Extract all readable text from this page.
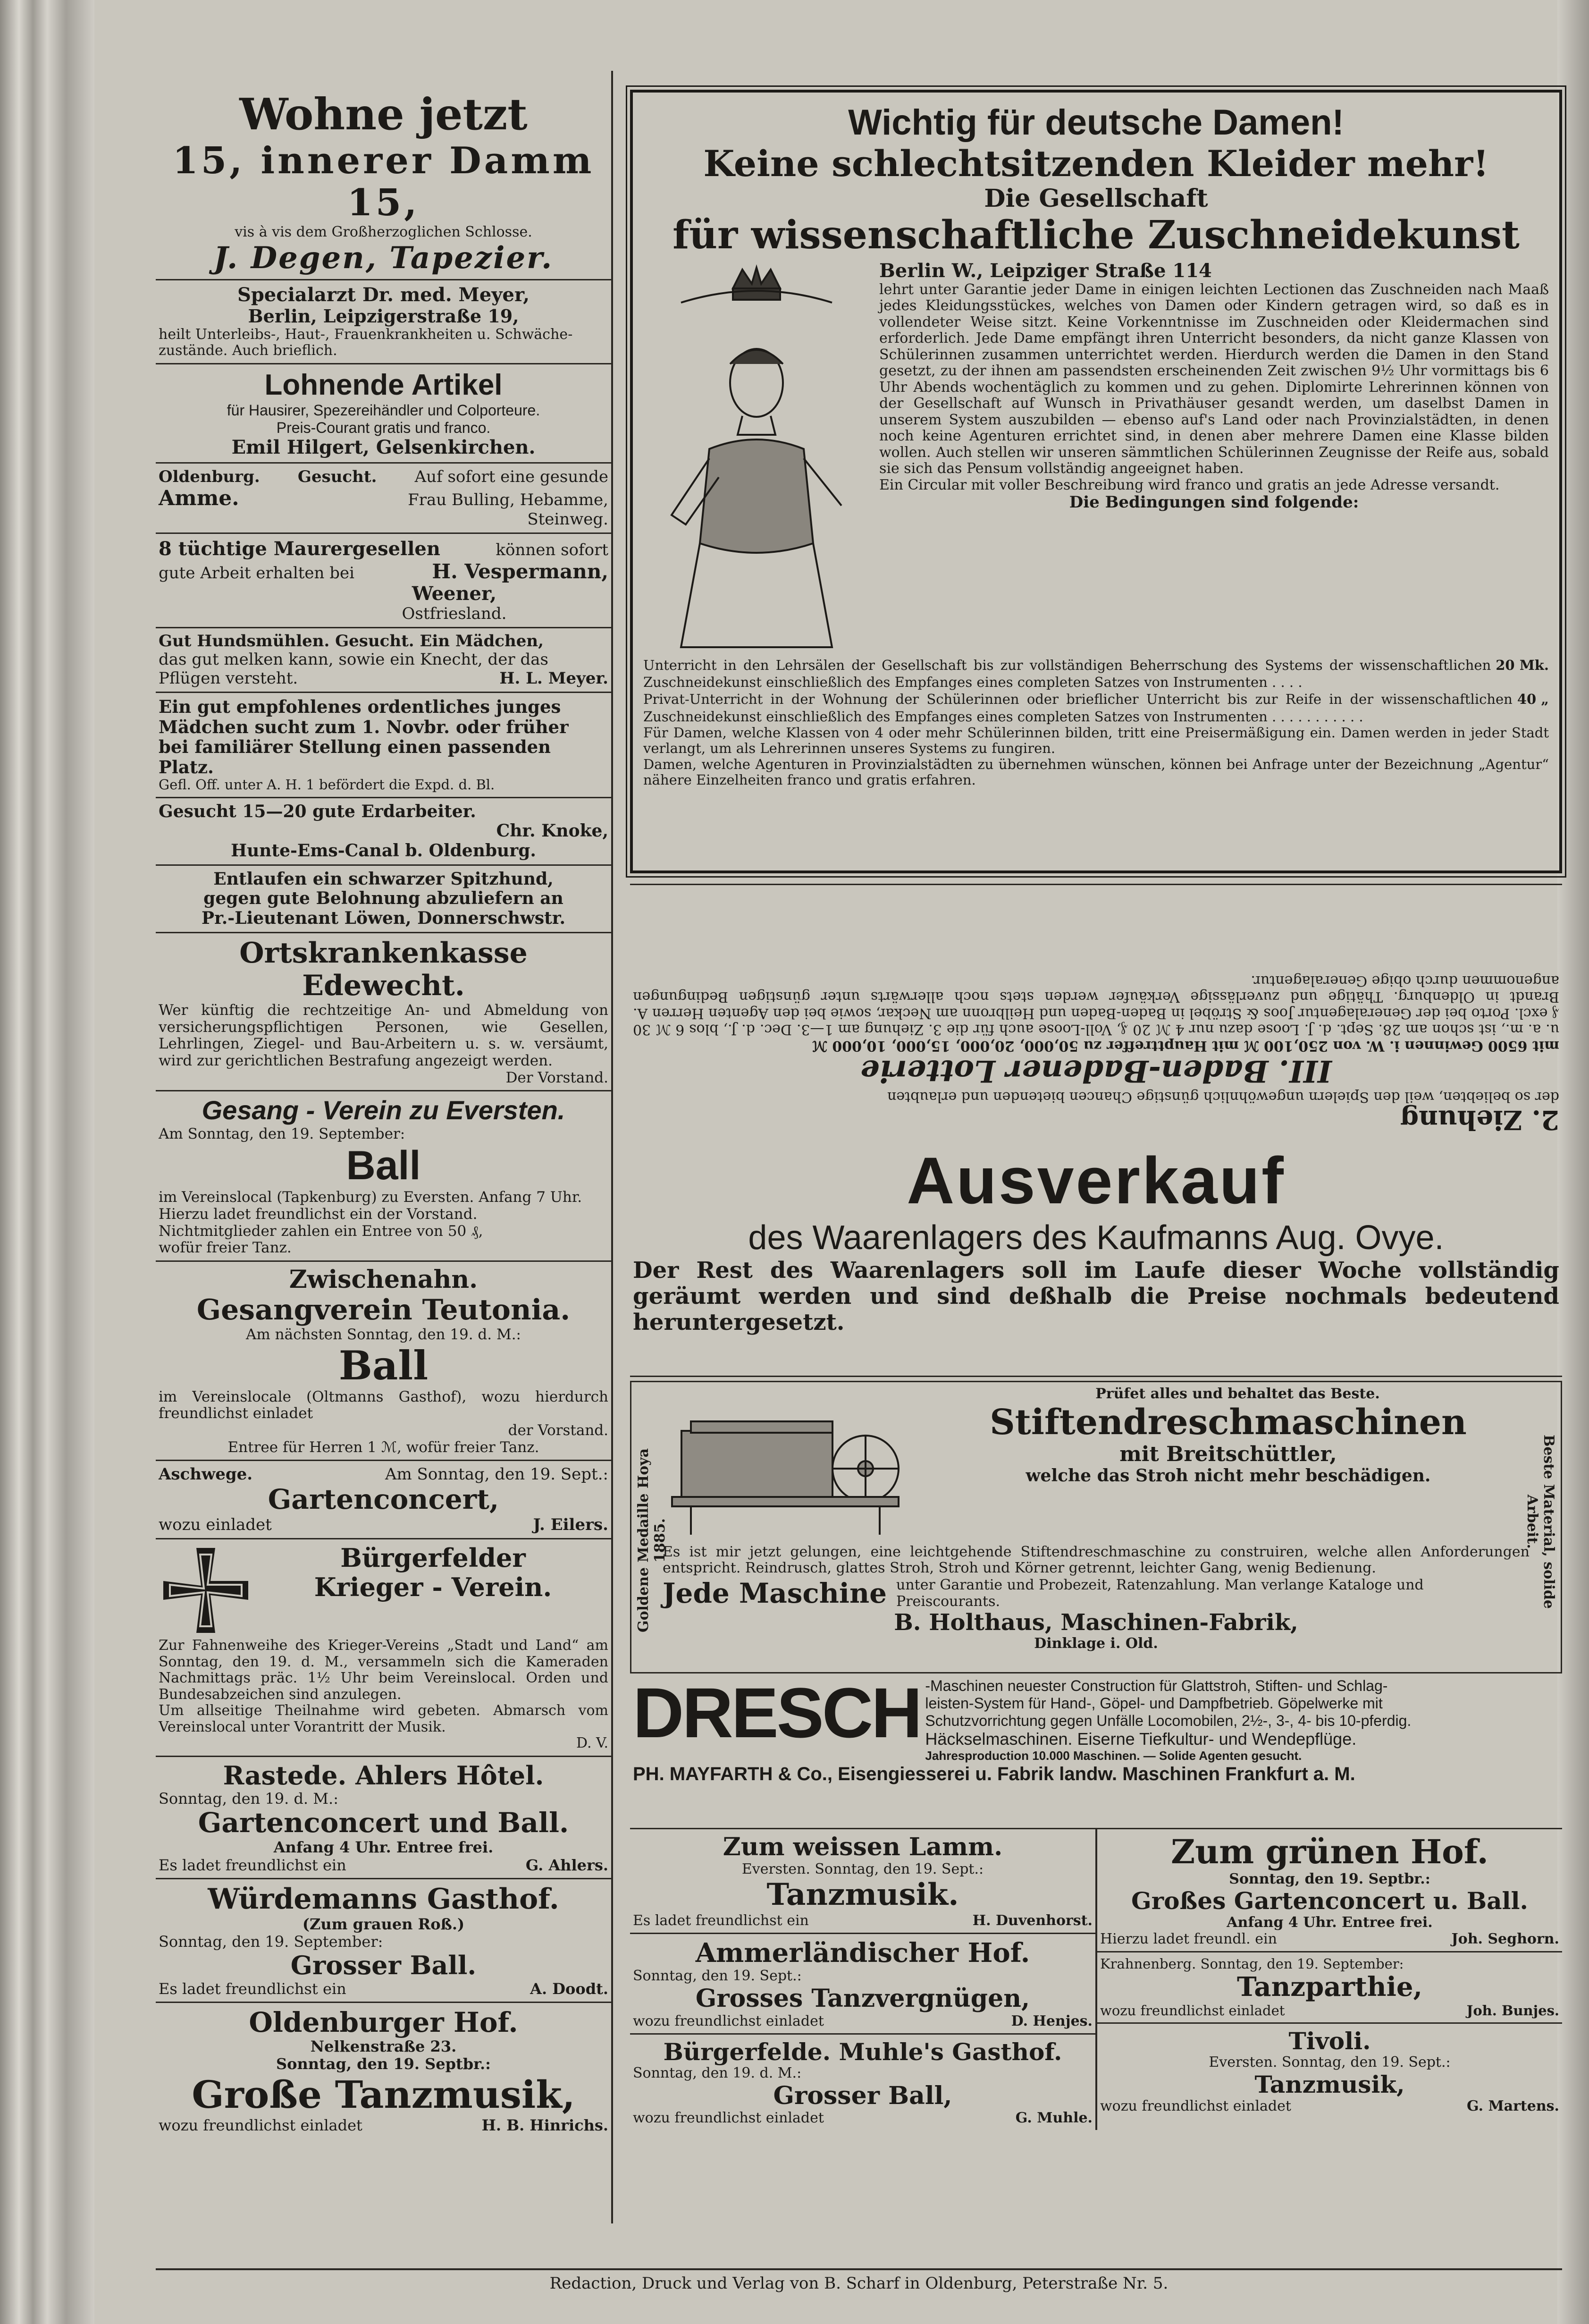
Wohne jetzt
15, innerer Damm 15,
vis à vis dem Großherzoglichen Schlosse.
J. Degen, Tapezier.
Specialarzt Dr. med. Meyer,
Berlin, Leipzigerstraße 19,
heilt Unterleibs-, Haut-, Frauenkrankheiten u. Schwäche-
zustände. Auch brieflich.
Lohnende Artikel
für Hausirer, Spezereihändler und Colporteure.
Preis-Courant gratis und franco.
Emil Hilgert, Gelsenkirchen.
Oldenburg. Gesucht. Auf sofort eine gesunde
Amme.	Frau Bulling, Hebamme,
Steinweg.
8 tüchtige Maurergesellen	können sofort
gute Arbeit erhalten bei	H. Vespermann,
Weener,
Ostfriesland.
Gut Hundsmühlen. Gesucht. Ein Mädchen,
das gut melken kann, sowie ein Knecht, der das
Pflügen versteht.	H. L. Meyer.
Ein gut empfohlenes ordentliches junges
Mädchen sucht zum 1. Novbr. oder früher
bei familiärer Stellung einen passenden
Platz.
Gefl. Off. unter A. H. 1 befördert die Expd. d. Bl.
Gesucht 15—20 gute Erdarbeiter.
Chr. Knoke,
Hunte-Ems-Canal b. Oldenburg.
Entlaufen ein schwarzer Spitzhund,
gegen gute Belohnung abzuliefern an
Pr.-Lieutenant Löwen, Donnerschwstr.
Ortskrankenkasse Edewecht.
Wer künftig die rechtzeitige An- und Abmeldung von versicherungspflichtigen Personen, wie Gesellen, Lehrlingen, Ziegel- und Bau-Arbeitern u. s. w. versäumt, wird zur gerichtlichen Bestrafung angezeigt werden.
Der Vorstand.
Gesang - Verein zu Eversten.
Am Sonntag, den 19. September:
Ball
im Vereinslocal (Tapkenburg) zu Eversten. Anfang 7 Uhr.
Hierzu ladet freundlichst ein der Vorstand.
Nichtmitglieder zahlen ein Entree von 50 ₰,
wofür freier Tanz.
Zwischenahn.
Gesangverein Teutonia.
Am nächsten Sonntag, den 19. d. M.:
Ball
im Vereinslocale (Oltmanns Gasthof), wozu hierdurch freundlichst einladet
der Vorstand.
Entree für Herren 1 ℳ, wofür freier Tanz.
Aschwege.	Am Sonntag, den 19. Sept.:
Gartenconcert,
wozu einladet	J. Eilers.
Bürgerfelder
Krieger - Verein.
Zur Fahnenweihe des Krieger-Vereins „Stadt und Land“ am Sonntag, den 19. d. M., versammeln sich die Kameraden Nachmittags präc. 1½ Uhr beim Vereinslocal. Orden und Bundesabzeichen sind anzulegen.
Um allseitige Theilnahme wird gebeten. Abmarsch vom Vereinslocal unter Vorantritt der Musik.
D. V.
Rastede. Ahlers Hôtel.
Sonntag, den 19. d. M.:
Gartenconcert und Ball.
Anfang 4 Uhr. Entree frei.
Es ladet freundlichst ein	G. Ahlers.
Würdemanns Gasthof.
(Zum grauen Roß.)
Sonntag, den 19. September:
Grosser Ball.
Es ladet freundlichst ein	A. Doodt.
Oldenburger Hof.
Nelkenstraße 23.
Sonntag, den 19. Septbr.:
Große Tanzmusik,
wozu freundlichst einladet	H. B. Hinrichs.
Wichtig für deutsche Damen!
Keine schlechtsitzenden Kleider mehr!
Die Gesellschaft
für wissenschaftliche Zuschneidekunst
Berlin W., Leipziger Straße 114
lehrt unter Garantie jeder Dame in einigen leichten Lectionen das Zuschneiden nach Maaß jedes Kleidungsstückes, welches von Damen oder Kindern getragen wird, so daß es in vollendeter Weise sitzt. Keine Vorkenntnisse im Zuschneiden oder Kleidermachen sind erforderlich. Jede Dame empfängt ihren Unterricht besonders, da nicht ganze Klassen von Schülerinnen zusammen unterrichtet werden. Hierdurch werden die Damen in den Stand gesetzt, zu der ihnen am passendsten erscheinenden Zeit zwischen 9½ Uhr vormittags bis 6 Uhr Abends wochentäglich zu kommen und zu gehen. Diplomirte Lehrerinnen können von der Gesellschaft auf Wunsch in Privathäuser gesandt werden, um daselbst Damen in unserem System auszubilden — ebenso auf's Land oder nach Provinzialstädten, in denen noch keine Agenturen errichtet sind, in denen aber mehrere Damen eine Klasse bilden wollen. Auch stellen wir unseren sämmtlichen Schülerinnen Zeugnisse der Reife aus, sobald sie sich das Pensum vollständig angeeignet haben.
Ein Circular mit voller Beschreibung wird franco und gratis an jede Adresse versandt.
Die Bedingungen sind folgende:
Unterricht in den Lehrsälen der Gesellschaft bis zur vollständigen Beherrschung des Systems der wissenschaftlichen Zuschneidekunst einschließlich des Empfanges eines completen Satzes von Instrumenten . . . .
20 Mk.
Privat-Unterricht in der Wohnung der Schülerinnen oder brieflicher Unterricht bis zur Reife in der wissenschaftlichen Zuschneidekunst einschließlich des Empfanges eines completen Satzes von Instrumenten . . . . . . . . . . .
40 „
Für Damen, welche Klassen von 4 oder mehr Schülerinnen bilden, tritt eine Preisermäßigung ein. Damen werden in jeder Stadt verlangt, um als Lehrerinnen unseres Systems zu fungiren.
Damen, welche Agenturen in Provinzialstädten zu übernehmen wünschen, können bei Anfrage unter der Bezeichnung „Agentur“ nähere Einzelheiten franco und gratis erfahren.
2. Ziehung
der so beliebten, weil den Spielern ungewöhnlich günstige Chancen bietenden und erlaubten
III. Baden-Badener Lotterie
mit 6500 Gewinnen i. W. von 250,100 ℳ mit Haupttreffer zu 50,000, 20,000, 15,000, 10,000 ℳ
u. a. m., ist schon am 28. Sept. d. J. Loose dazu nur 4 ℳ 20 ₰, Voll-Loose auch für die 3. Ziehung am 1—3. Dec. d. J., blos 6 ℳ 30 ₰ excl. Porto bei der Generalagentur Joos & Ströbel in Baden-Baden und Heilbronn am Neckar, sowie bei den Agenten Herren A. Brandt in Oldenburg. Thätige und zuverlässige Verkäufer werden stets noch allerwärts unter günstigen Bedingungen angenommen durch obige Generalagentur.
Ausverkauf
des Waarenlagers des Kaufmanns Aug. Ovye.
Der Rest des Waarenlagers soll im Laufe dieser Woche vollständig geräumt werden und sind deßhalb die Preise nochmals bedeutend heruntergesetzt.
Goldene Medaille Hoya 1885.	Beste Material, solide Arbeit.
Prüfet alles und behaltet das Beste.
Stiftendreschmaschinen
mit Breitschüttler,
welche das Stroh nicht mehr beschädigen.
Es ist mir jetzt gelungen, eine leichtgehende Stiftendreschmaschine zu construiren, welche allen Anforderungen entspricht. Reindrusch, glattes Stroh, Stroh und Körner getrennt, leichter Gang, wenig Bedienung.
Jede Maschine unter Garantie und Probezeit, Ratenzahlung. Man verlange Kataloge und Preiscourants.
B. Holthaus, Maschinen-Fabrik,
Dinklage i. Old.
DRESCH -Maschinen neuester Construction für Glattstroh, Stiften- und Schlag-
leisten-System für Hand-, Göpel- und Dampfbetrieb. Göpelwerke mit
Schutzvorrichtung gegen Unfälle Locomobilen, 2½-, 3-, 4- bis 10-pferdig.
Häckselmaschinen. Eiserne Tiefkultur- und Wendepflüge.
Jahresproduction 10.000 Maschinen. — Solide Agenten gesucht.
PH. MAYFARTH & Co., Eisengiesserei u. Fabrik landw. Maschinen Frankfurt a. M.
Zum weissen Lamm.
Eversten. Sonntag, den 19. Sept.:
Tanzmusik.
Es ladet freundlichst ein	H. Duvenhorst.
Ammerländischer Hof.
Sonntag, den 19. Sept.:
Grosses Tanzvergnügen,
wozu freundlichst einladet	D. Henjes.
Bürgerfelde. Muhle's Gasthof.
Sonntag, den 19. d. M.:
Grosser Ball,
wozu freundlichst einladet	G. Muhle.
Zum grünen Hof.
Sonntag, den 19. Septbr.:
Großes Gartenconcert u. Ball.
Anfang 4 Uhr. Entree frei.
Hierzu ladet freundl. ein	Joh. Seghorn.
Krahnenberg. Sonntag, den 19. September:
Tanzparthie,
wozu freundlichst einladet	Joh. Bunjes.
Tivoli.
Eversten. Sonntag, den 19. Sept.:
Tanzmusik,
wozu freundlichst einladet	G. Martens.
Redaction, Druck und Verlag von B. Scharf in Oldenburg, Peterstraße Nr. 5.
